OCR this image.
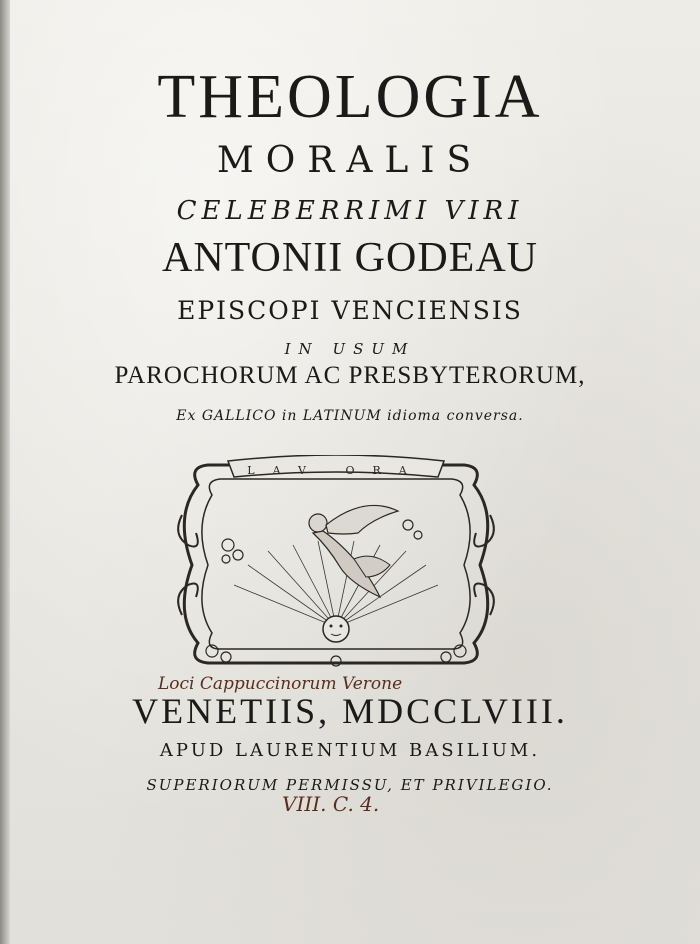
THEOLOGIA
MORALIS
CELEBERRIMI VIRI
ANTONII GODEAU
EPISCOPI VENCIENSIS
IN USUM
PAROCHORUM AC PRESBYTERORUM,
Ex GALLICO in LATINUM idioma conversa.
LAV ORA
Loci Cappuccinorum Verone
VENETIIS, MDCCLVIII.
APUD LAURENTIUM BASILIUM.
SUPERIORUM PERMISSU, ET PRIVILEGIO.
VIII. C. 4.
